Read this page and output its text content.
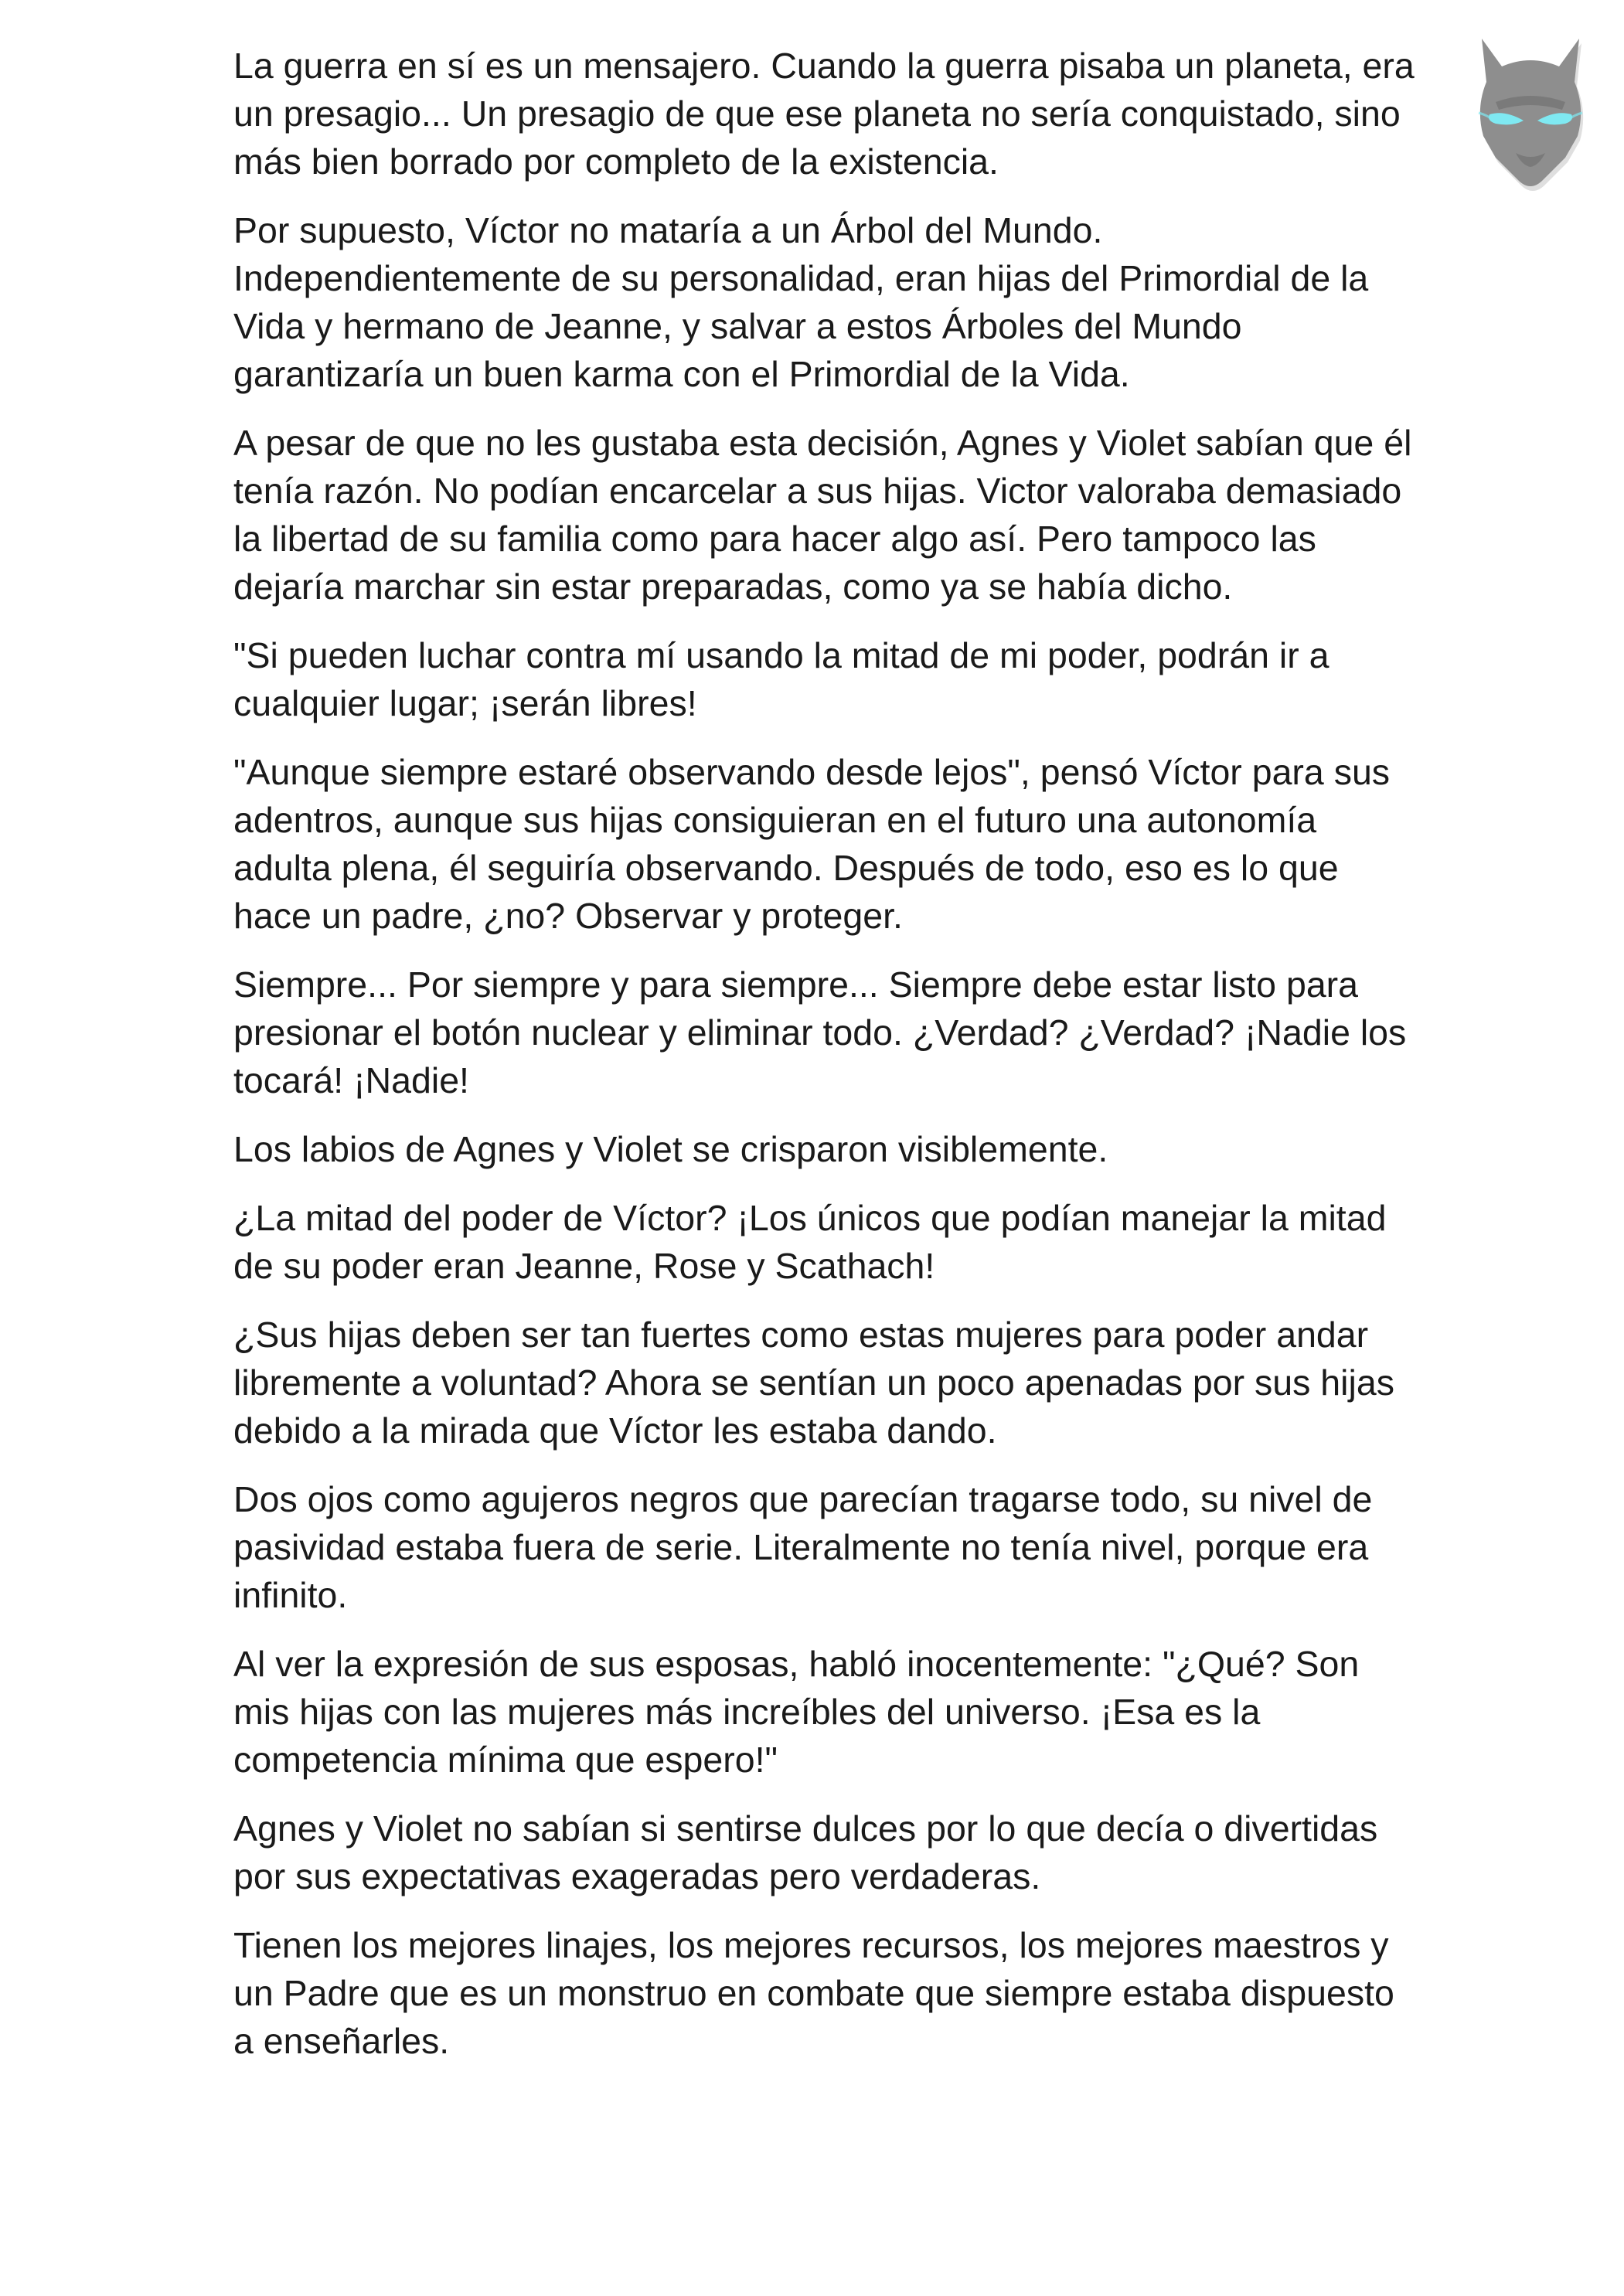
La guerra en sí es un mensajero. Cuando la guerra pisaba un planeta, era un presagio... Un presagio de que ese planeta no sería conquistado, sino más bien borrado por completo de la existencia.

Por supuesto, Víctor no mataría a un Árbol del Mundo. Independientemente de su personalidad, eran hijas del Primordial de la Vida y hermano de Jeanne, y salvar a estos Árboles del Mundo garantizaría un buen karma con el Primordial de la Vida.

A pesar de que no les gustaba esta decisión, Agnes y Violet sabían que él tenía razón. No podían encarcelar a sus hijas. Victor valoraba demasiado la libertad de su familia como para hacer algo así. Pero tampoco las dejaría marchar sin estar preparadas, como ya se había dicho.

"Si pueden luchar contra mí usando la mitad de mi poder, podrán ir a cualquier lugar; ¡serán libres!

"Aunque siempre estaré observando desde lejos", pensó Víctor para sus adentros, aunque sus hijas consiguieran en el futuro una autonomía adulta plena, él seguiría observando. Después de todo, eso es lo que hace un padre, ¿no? Observar y proteger.

Siempre... Por siempre y para siempre... Siempre debe estar listo para presionar el botón nuclear y eliminar todo. ¿Verdad? ¿Verdad? ¡Nadie los tocará! ¡Nadie!

Los labios de Agnes y Violet se crisparon visiblemente.

¿La mitad del poder de Víctor? ¡Los únicos que podían manejar la mitad de su poder eran Jeanne, Rose y Scathach!

¿Sus hijas deben ser tan fuertes como estas mujeres para poder andar libremente a voluntad? Ahora se sentían un poco apenadas por sus hijas debido a la mirada que Víctor les estaba dando.

Dos ojos como agujeros negros que parecían tragarse todo, su nivel de pasividad estaba fuera de serie. Literalmente no tenía nivel, porque era infinito.

Al ver la expresión de sus esposas, habló inocentemente: "¿Qué? Son mis hijas con las mujeres más increíbles del universo. ¡Esa es la competencia mínima que espero!"

Agnes y Violet no sabían si sentirse dulces por lo que decía o divertidas por sus expectativas exageradas pero verdaderas.

Tienen los mejores linajes, los mejores recursos, los mejores maestros y un Padre que es un monstruo en combate que siempre estaba dispuesto a enseñarles.
